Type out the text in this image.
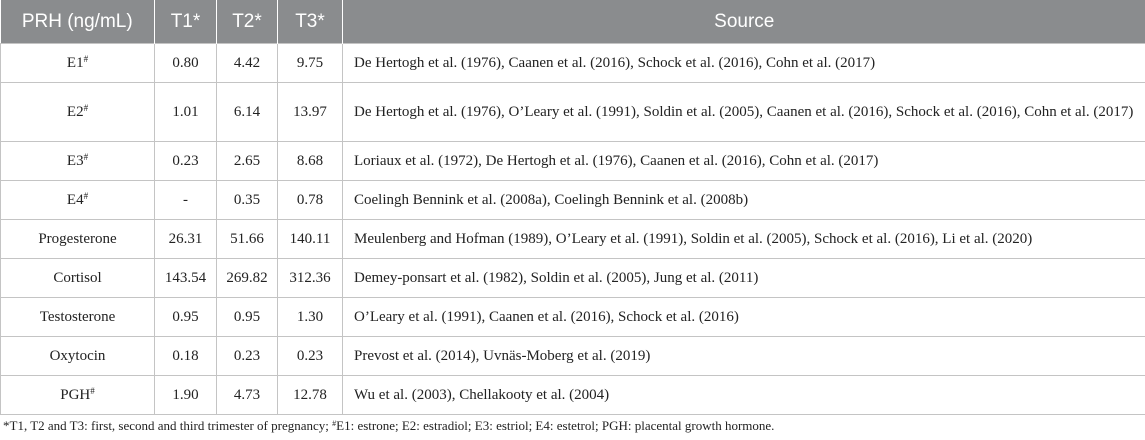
PRH (ng/mL)	T1*	T2*	T3*	Source
E1#	0.80	4.42	9.75	De Hertogh et al. (1976), Caanen et al. (2016), Schock et al. (2016), Cohn et al. (2017)
E2#	1.01	6.14	13.97	De Hertogh et al. (1976), O’Leary et al. (1991), Soldin et al. (2005), Caanen et al. (2016), Schock et al. (2016), Cohn et al. (2017)
E3#	0.23	2.65	8.68	Loriaux et al. (1972), De Hertogh et al. (1976), Caanen et al. (2016), Cohn et al. (2017)
E4#	-	0.35	0.78	Coelingh Bennink et al. (2008a), Coelingh Bennink et al. (2008b)
Progesterone	26.31	51.66	140.11	Meulenberg and Hofman (1989), O’Leary et al. (1991), Soldin et al. (2005), Schock et al. (2016), Li et al. (2020)
Cortisol	143.54	269.82	312.36	Demey-ponsart et al. (1982), Soldin et al. (2005), Jung et al. (2011)
Testosterone	0.95	0.95	1.30	O’Leary et al. (1991), Caanen et al. (2016), Schock et al. (2016)
Oxytocin	0.18	0.23	0.23	Prevost et al. (2014), Uvnäs-Moberg et al. (2019)
PGH#	1.90	4.73	12.78	Wu et al. (2003), Chellakooty et al. (2004)
*T1, T2 and T3: first, second and third trimester of pregnancy; #E1: estrone; E2: estradiol; E3: estriol; E4: estetrol; PGH: placental growth hormone.
